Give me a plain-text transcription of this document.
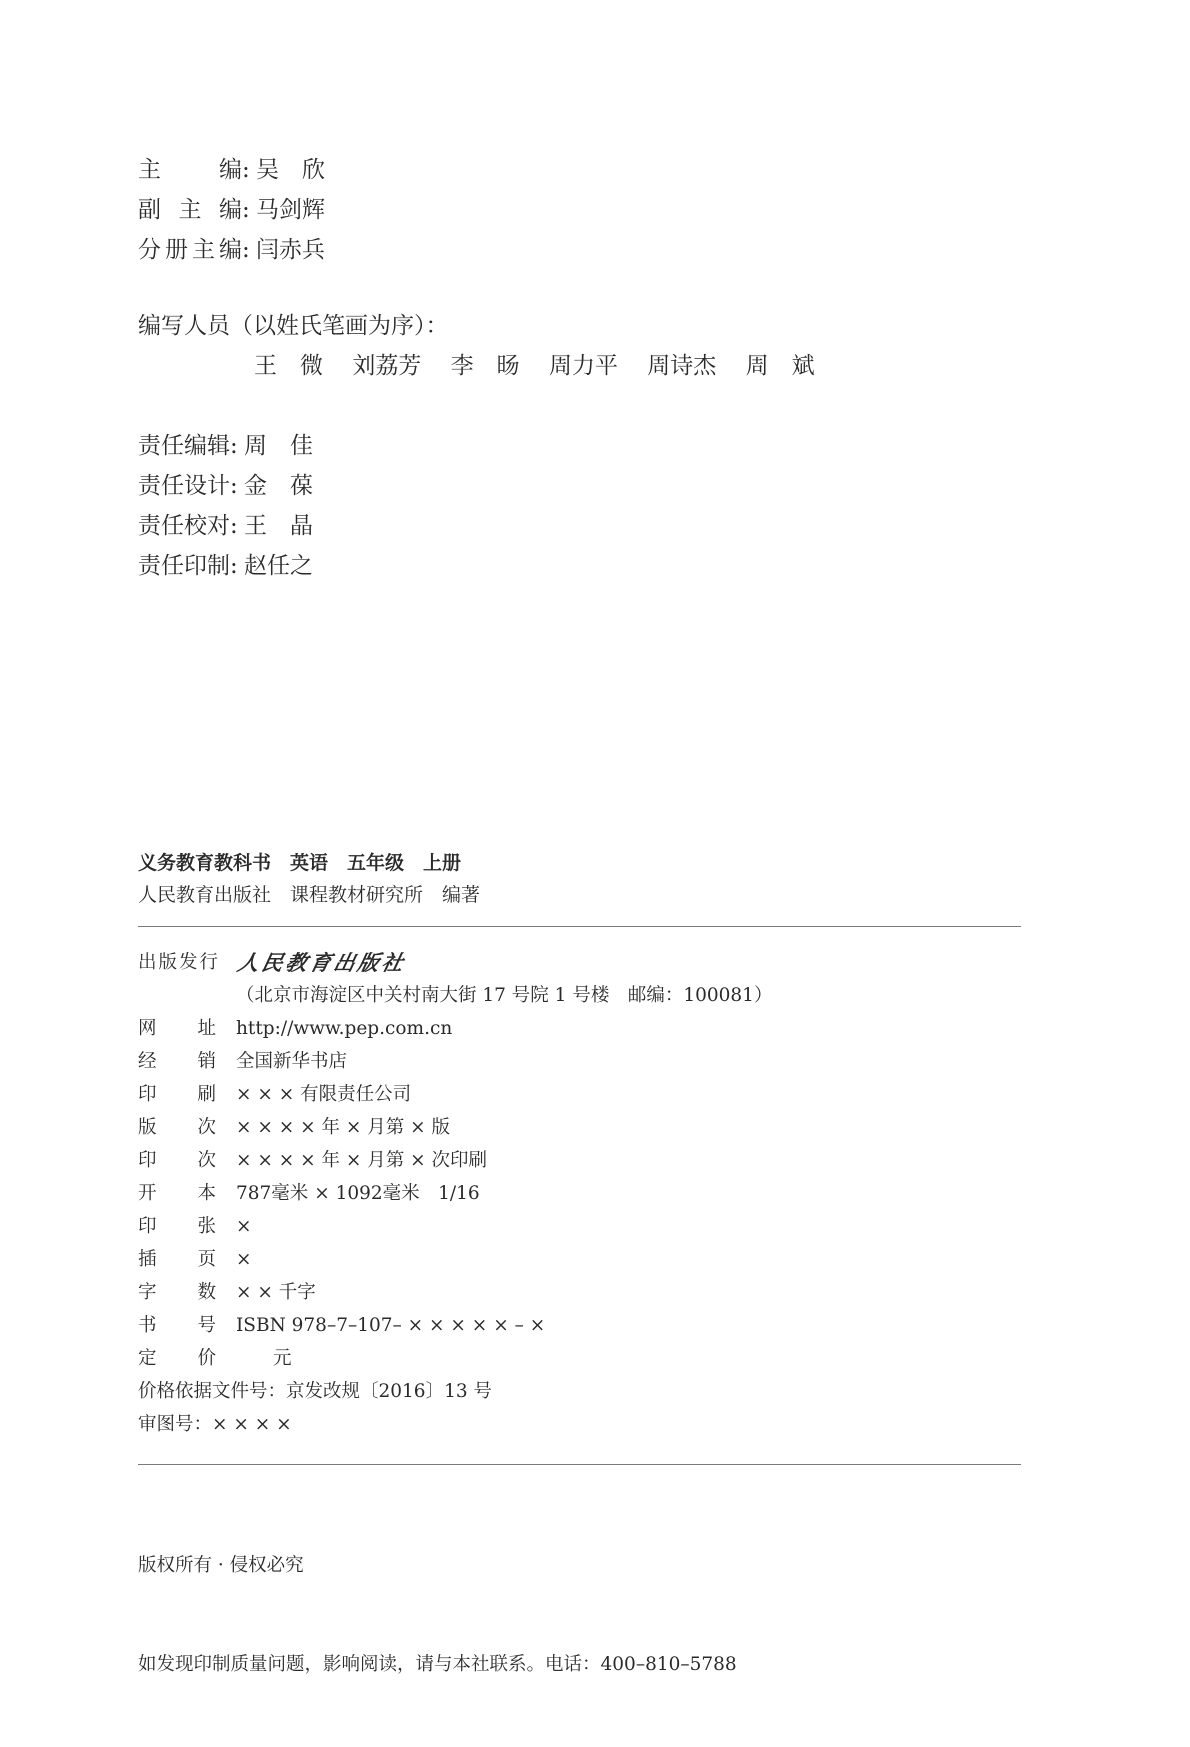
主 编 : 吴　欣
副 主 编 : 马剑辉
分册主编 : 闫赤兵
编写人员（以姓氏笔画为序）：
王　微 刘荔芳 李　旸 周力平 周诗杰 周　斌
责任编辑 : 周　佳
责任设计 : 金　葆
责任校对 : 王　晶
责任印制 : 赵任之
义务教育教科书　英语　五年级　上册
人民教育出版社　课程教材研究所　编著
出版发行 人民教育出版社
（北京市海淀区中关村南大街 17 号院 1 号楼　邮编：100081）
网 址 http://www.pep.com.cn
经 销 全国新华书店
印 刷 × × × 有限责任公司
版 次 × × × × 年 × 月第 × 版
印 次 × × × × 年 × 月第 × 次印刷
开 本 787毫米 × 1092毫米　1/16
印 张 ×
插 页 ×
字 数 × × 千字
书 号 ISBN 978–7–107– × × × × × – ×
定 价 　　元
价格依据文件号：京发改规〔2016〕13 号
审图号：× × × ×

版权所有 · 侵权必究

如发现印制质量问题，影响阅读，请与本社联系。电话：400–810–5788
